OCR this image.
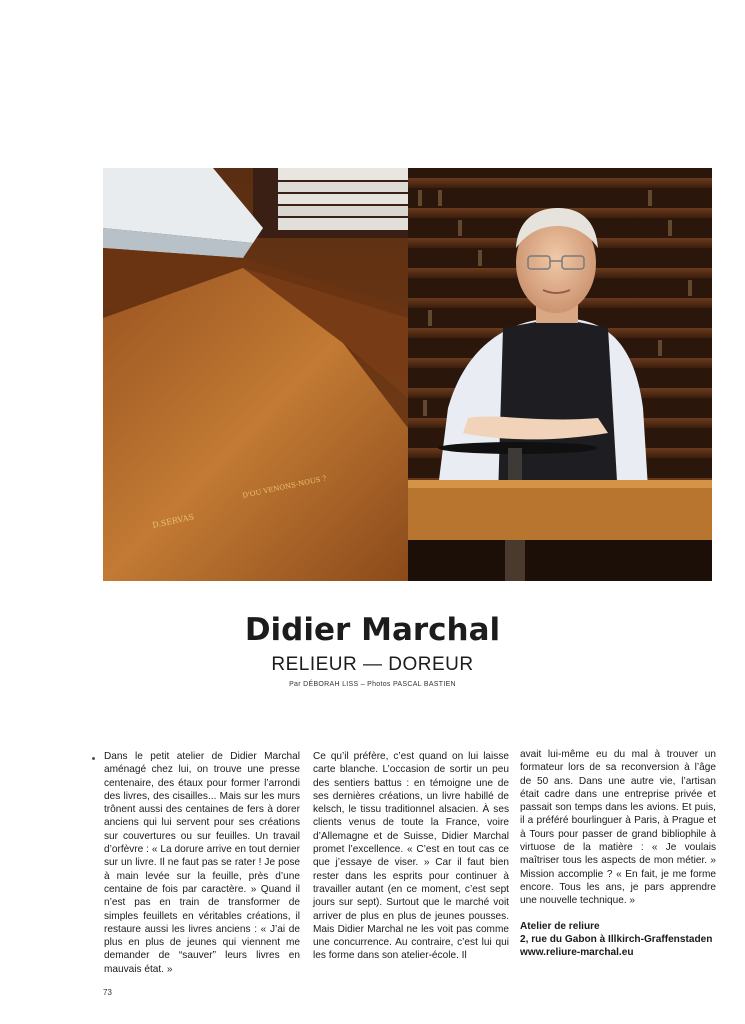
D.SERVAS
D'OU VENONS-NOUS ?
Didier Marchal
RELIEUR — DOREUR
Par DÉBORAH LISS – Photos PASCAL BASTIEN

Dans le petit atelier de Didier Marchal aménagé chez lui, on trouve une presse centenaire, des étaux pour former l’arrondi des livres, des cisailles... Mais sur les murs trônent aussi des centaines de fers à dorer anciens qui lui servent pour ses créations sur couvertures ou sur feuilles. Un travail d’orfèvre : « La dorure arrive en tout dernier sur un livre. Il ne faut pas se rater ! Je pose à main levée sur la feuille, près d’une centaine de fois par caractère. » Quand il n’est pas en train de transformer de simples feuillets en véritables créations, il restaure aussi les livres anciens : « J’ai de plus en plus de jeunes qui viennent me demander de “sauver” leurs livres en mauvais état. »

Ce qu’il préfère, c’est quand on lui laisse carte blanche. L’occasion de sortir un peu des sentiers battus : en témoigne une de ses dernières créations, un livre habillé de kelsch, le tissu traditionnel alsacien. À ses clients venus de toute la France, voire d’Allemagne et de Suisse, Didier Marchal promet l’excellence. « C’est en tout cas ce que j’essaye de viser. » Car il faut bien rester dans les esprits pour continuer à travailler autant (en ce moment, c’est sept jours sur sept). Surtout que le marché voit arriver de plus en plus de jeunes pousses. Mais Didier Marchal ne les voit pas comme une concurrence. Au contraire, c’est lui qui les forme dans son atelier-école. Il

avait lui-même eu du mal à trouver un formateur lors de sa reconversion à l’âge de 50 ans. Dans une autre vie, l’artisan était cadre dans une entreprise privée et passait son temps dans les avions. Et puis, il a préféré bourlinguer à Paris, à Prague et à Tours pour passer de grand bibliophile à virtuose de la matière : « Je voulais maîtriser tous les aspects de mon métier. » Mission accomplie ? « En fait, je me forme encore. Tous les ans, je pars apprendre une nouvelle technique. »

Atelier de reliure
2, rue du Gabon à Illkirch-Graffenstaden
www.reliure-marchal.eu
73
